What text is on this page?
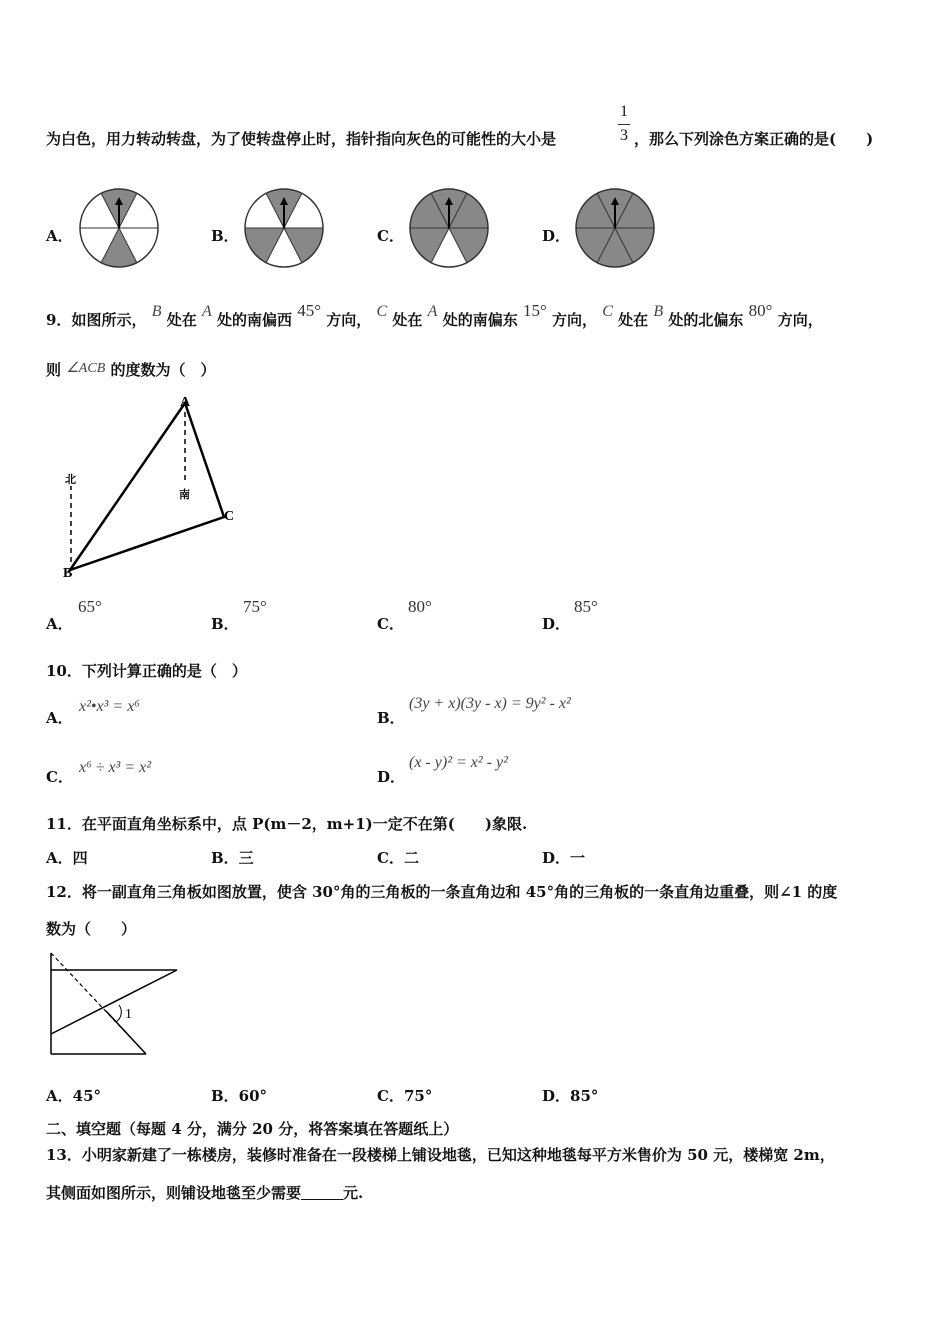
为白色，用力转动转盘，为了使转盘停止时，指针指向灰色的可能性的大小是
1
3 ，那么下列涂色方案正确的是(　　)
A．	B．	C．	D．
9．如图所示， B 处在 A 处的南偏西 45° 方向， C 处在 A 处的南偏东 15° 方向， C 处在 B 处的北偏东 80° 方向，
则 ∠ACB 的度数为（　）
A
B
C
北
南
A．
65°
B．
75°
C．
80°
D．
85°
10．下列计算正确的是（　）
A．
x²•x³ = x⁶
B．
(3y + x)(3y - x) = 9y² - x²
C．
x⁶ ÷ x³ = x²
D．
(x - y)² = x² - y²
11．在平面直角坐标系中，点 P(m－2，m+1)一定不在第(　　)象限.
A．四	B．三	C．二	D．一
12．将一副直角三角板如图放置，使含 30°角的三角板的一条直角边和 45°角的三角板的一条直角边重叠，则∠1 的度
数为（　　）
1
A．45°	B．60°	C．75°	D．85°
二、填空题（每题 4 分，满分 20 分，将答案填在答题纸上）
13．小明家新建了一栋楼房，装修时准备在一段楼梯上铺设地毯，已知这种地毯每平方米售价为 50 元，楼梯宽 2m，
其侧面如图所示，则铺设地毯至少需要	元.
